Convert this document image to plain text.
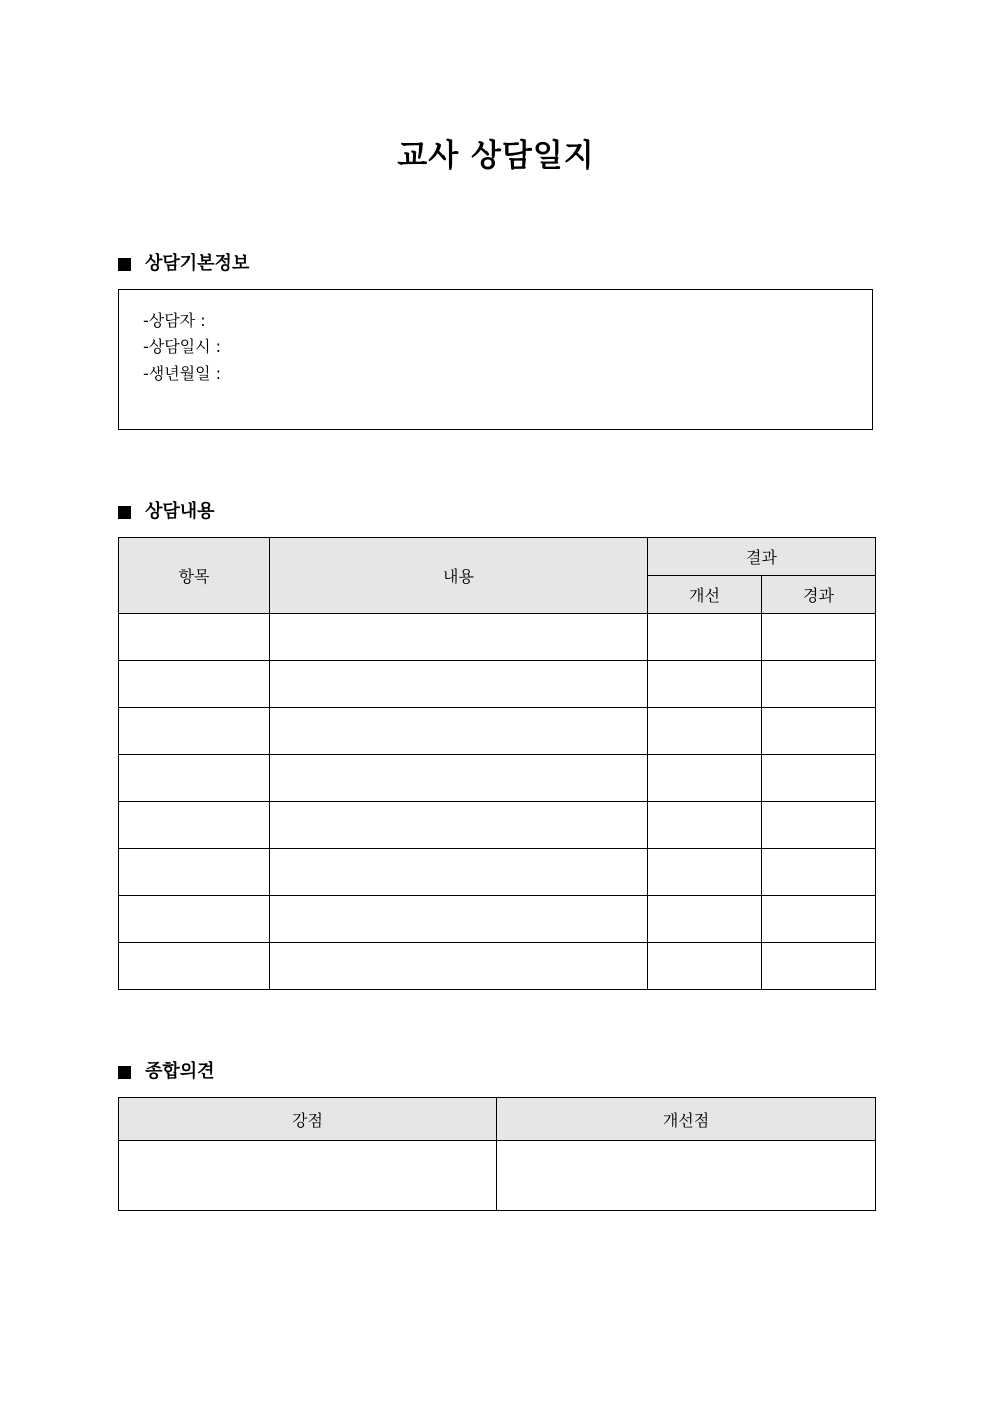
교사 상담일지
상담기본정보
-상담자 :
-상담일시 :
-생년월일 :
상담내용
항목	내용	결과	
		개선	경과

종합의견
강점	개선점
